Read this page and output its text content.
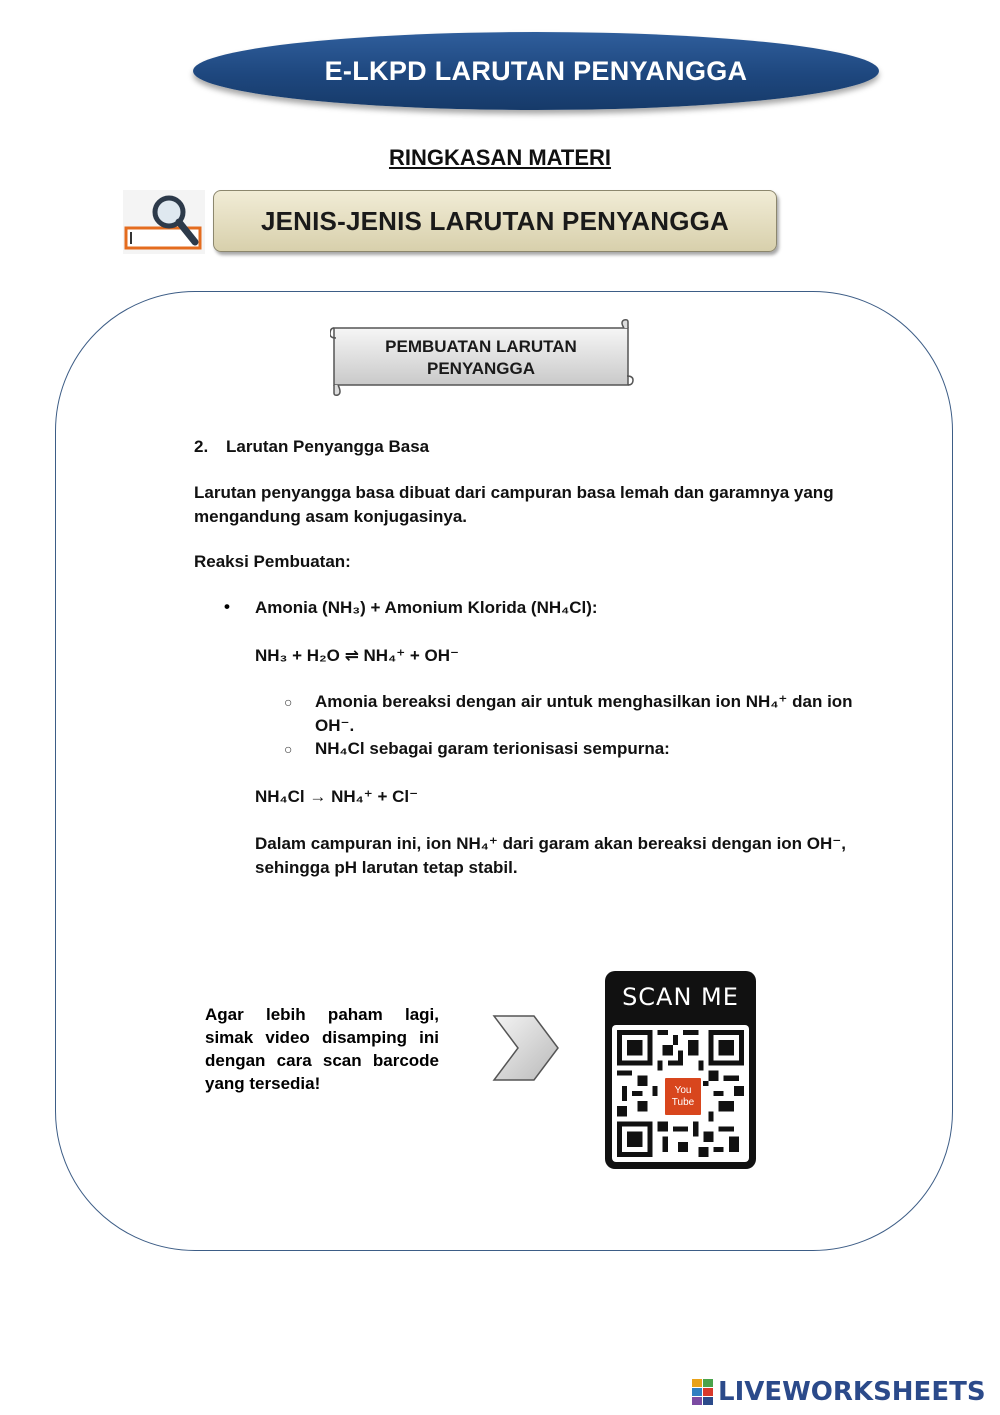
E-LKPD LARUTAN PENYANGGA
RINGKASAN MATERI
JENIS-JENIS LARUTAN PENYANGGA
PEMBUATAN LARUTAN
PENYANGGA
2. Larutan Penyangga Basa
Larutan penyangga basa dibuat dari campuran basa lemah dan garamnya yang mengandung asam konjugasinya.
Reaksi Pembuatan:
• Amonia (NH₃) + Amonium Klorida (NH₄Cl):
NH₃ + H₂O ⇌ NH₄⁺ + OH⁻
○ Amonia bereaksi dengan air untuk menghasilkan ion NH₄⁺ dan ion OH⁻.
○ NH₄Cl sebagai garam terionisasi sempurna:
NH₄Cl → NH₄⁺ + Cl⁻
Dalam campuran ini, ion NH₄⁺ dari garam akan bereaksi dengan ion OH⁻, sehingga pH larutan tetap stabil.
Agar lebih paham lagi, simak video disamping ini dengan cara scan barcode yang tersedia!
SCAN ME
You
Tube
LIVEWORKSHEETS
